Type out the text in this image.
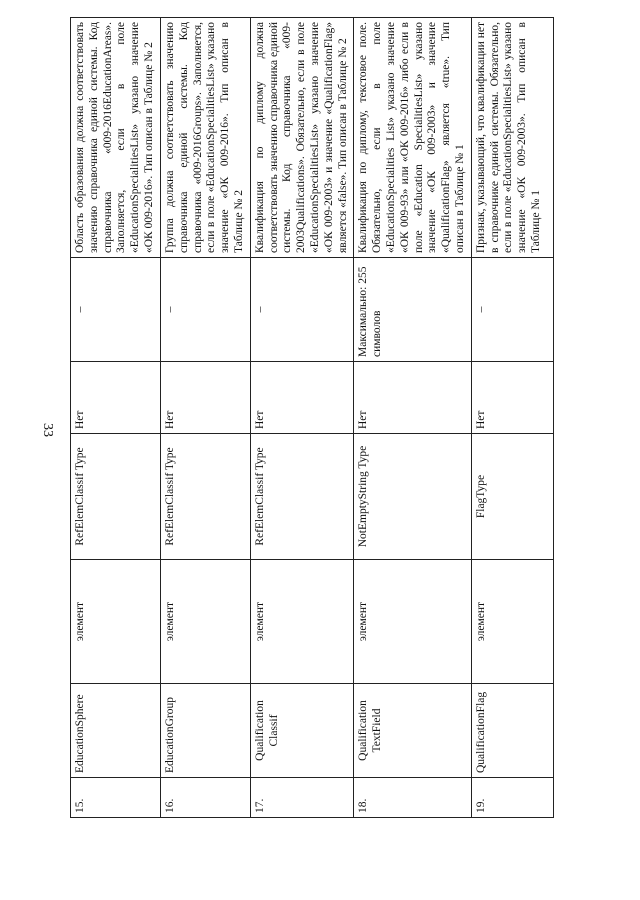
33
15.	EducationSphere	элемент	RefElemClassif Type	Нет	–	Область образования должна соответствовать значению справочника единой системы. Код справочника «009-2016EducationAreas». Заполняется, если в поле «EducationSpecialitiesList» указано значение «ОК 009-2016». Тип описан в Таблице № 2
16.	EducationGroup	элемент	RefElemClassif Type	Нет	–	Группа должна соответствовать значению справочника единой системы. Код справочника «009-2016Groups». Заполняется, если в поле «EducationSpecialitiesList» указано значение «ОК 009-2016». Тип описан в Таблице № 2
17.	Qualification Classif	элемент	RefElemClassif Type	Нет	–	Квалификация по диплому должна соответствовать значению справочника единой системы. Код справочника «009-2003Qualifications». Обязательно, если в поле «EducationSpecialitiesList» указано значение «ОК 009-2003» и значение «QualificationFlag» является «false». Тип описан в Таблице № 2
18.	Qualification TextField	элемент	NotEmptyString Type	Нет	Максимально: 255 символов	Квалификация по диплому, текстовое поле. Обязательно, если в поле «EducationSpecialities List» указано значение «ОК 009-93» или «ОК 009-2016» либо если в поле «Education SpecialitiesList» указано значение «ОК 009-2003» и значение «QualificationFlag» является «true». Тип описан в Таблице № 1
19.	QualificationFlag	элемент	FlagType	Нет	–	Признак, указывающий, что квалификации нет в справочнике единой системы. Обязательно, если в поле «EducationSpecialitiesList» указано значение «ОК 009-2003». Тип описан в Таблице № 1
